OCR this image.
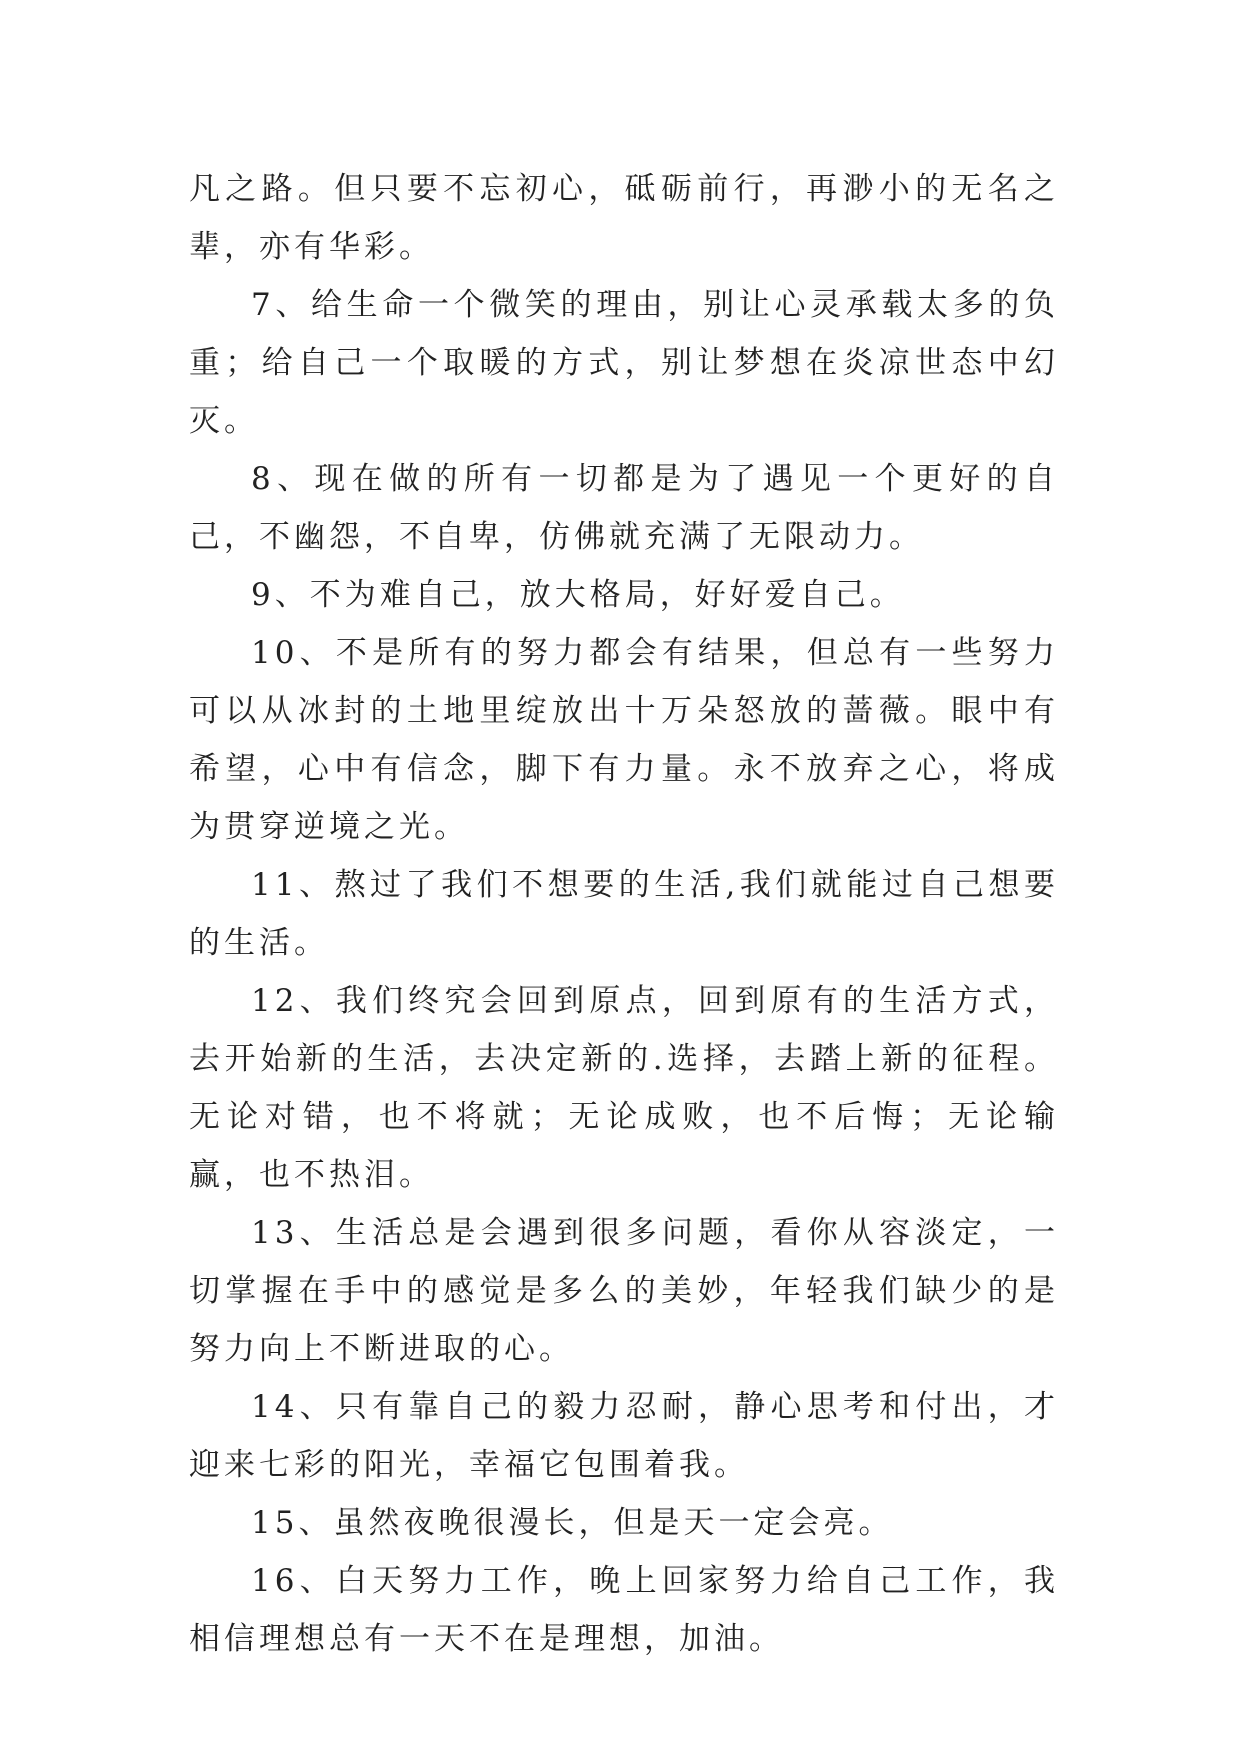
凡之路。但只要不忘初心，砥砺前行，再渺小的无名之辈，亦有华彩。

7、给生命一个微笑的理由，别让心灵承载太多的负重；给自己一个取暖的方式，别让梦想在炎凉世态中幻灭。

8、现在做的所有一切都是为了遇见一个更好的自己，不幽怨，不自卑，仿佛就充满了无限动力。

9、不为难自己，放大格局，好好爱自己。

10、不是所有的努力都会有结果，但总有一些努力可以从冰封的土地里绽放出十万朵怒放的蔷薇。眼中有希望，心中有信念，脚下有力量。永不放弃之心，将成为贯穿逆境之光。

11、熬过了我们不想要的生活,我们就能过自己想要的生活。

12、我们终究会回到原点，回到原有的生活方式，去开始新的生活，去决定新的.选择，去踏上新的征程。无论对错，也不将就；无论成败，也不后悔；无论输赢，也不热泪。

13、生活总是会遇到很多问题，看你从容淡定，一切掌握在手中的感觉是多么的美妙，年轻我们缺少的是努力向上不断进取的心。

14、只有靠自己的毅力忍耐，静心思考和付出，才迎来七彩的阳光，幸福它包围着我。

15、虽然夜晚很漫长，但是天一定会亮。

16、白天努力工作，晚上回家努力给自己工作，我相信理想总有一天不在是理想，加油。
